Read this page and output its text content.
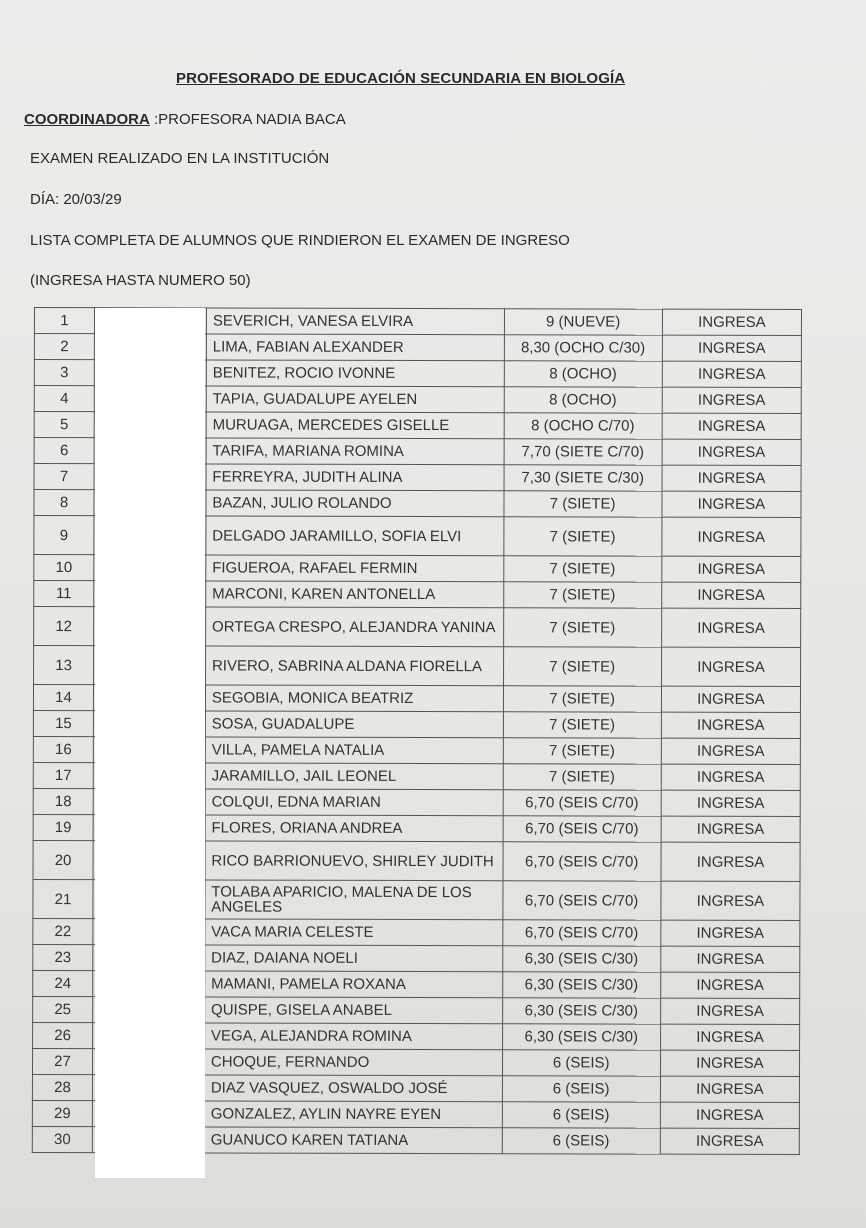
PROFESORADO DE EDUCACIÓN SECUNDARIA EN BIOLOGÍA
COORDINADORA :PROFESORA NADIA BACA
EXAMEN REALIZADO EN LA INSTITUCIÓN
DÍA: 20/03/29
LISTA COMPLETA DE ALUMNOS QUE RINDIERON EL EXAMEN DE INGRESO
(INGRESA HASTA NUMERO 50)
1		SEVERICH, VANESA ELVIRA	9 (NUEVE)	INGRESA
2		LIMA, FABIAN ALEXANDER	8,30 (OCHO C/30)	INGRESA
3		BENITEZ, ROCIO IVONNE	8 (OCHO)	INGRESA
4		TAPIA, GUADALUPE AYELEN	8 (OCHO)	INGRESA
5		MURUAGA, MERCEDES GISELLE	8 (OCHO C/70)	INGRESA
6		TARIFA, MARIANA ROMINA	7,70 (SIETE C/70)	INGRESA
7		FERREYRA, JUDITH ALINA	7,30 (SIETE C/30)	INGRESA
8		BAZAN, JULIO ROLANDO	7 (SIETE)	INGRESA
9		DELGADO JARAMILLO, SOFIA ELVI	7 (SIETE)	INGRESA
10		FIGUEROA, RAFAEL FERMIN	7 (SIETE)	INGRESA
11		MARCONI, KAREN ANTONELLA	7 (SIETE)	INGRESA
12		ORTEGA CRESPO, ALEJANDRA YANINA	7 (SIETE)	INGRESA
13		RIVERO, SABRINA ALDANA FIORELLA	7 (SIETE)	INGRESA
14		SEGOBIA, MONICA BEATRIZ	7 (SIETE)	INGRESA
15		SOSA, GUADALUPE	7 (SIETE)	INGRESA
16		VILLA, PAMELA NATALIA	7 (SIETE)	INGRESA
17		JARAMILLO, JAIL LEONEL	7 (SIETE)	INGRESA
18		COLQUI, EDNA MARIAN	6,70 (SEIS C/70)	INGRESA
19		FLORES, ORIANA ANDREA	6,70 (SEIS C/70)	INGRESA
20		RICO BARRIONUEVO, SHIRLEY JUDITH	6,70 (SEIS C/70)	INGRESA
21		TOLABA APARICIO, MALENA DE LOS ANGELES	6,70 (SEIS C/70)	INGRESA
22		VACA MARIA CELESTE	6,70 (SEIS C/70)	INGRESA
23		DIAZ, DAIANA NOELI	6,30 (SEIS C/30)	INGRESA
24		MAMANI, PAMELA ROXANA	6,30 (SEIS C/30)	INGRESA
25		QUISPE, GISELA ANABEL	6,30 (SEIS C/30)	INGRESA
26		VEGA, ALEJANDRA ROMINA	6,30 (SEIS C/30)	INGRESA
27		CHOQUE, FERNANDO	6 (SEIS)	INGRESA
28		DIAZ VASQUEZ, OSWALDO JOSÉ	6 (SEIS)	INGRESA
29		GONZALEZ, AYLIN NAYRE EYEN	6 (SEIS)	INGRESA
30		GUANUCO KAREN TATIANA	6 (SEIS)	INGRESA
